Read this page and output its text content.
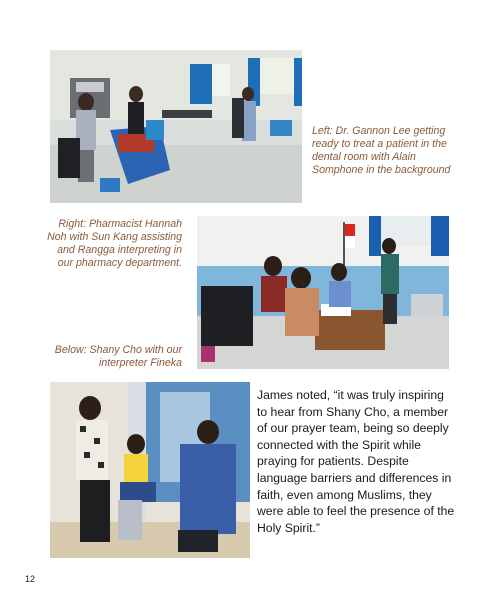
Left: Dr. Gannon Lee getting ready to treat a patient in the dental room with Alain Somphone in the background
Right: Pharmacist Hannah Noh with Sun Kang assisting and Rangga interpreting in our pharmacy department.
Below: Shany Cho with our interpreter Fineka
James noted, “it was truly inspiring to hear from Shany Cho, a member of our prayer team, being so deeply connected with the Spirit while praying for patients. Despite language barriers and differences in faith, even among Muslims, they were able to feel the presence of the Holy Spirit.”
12
